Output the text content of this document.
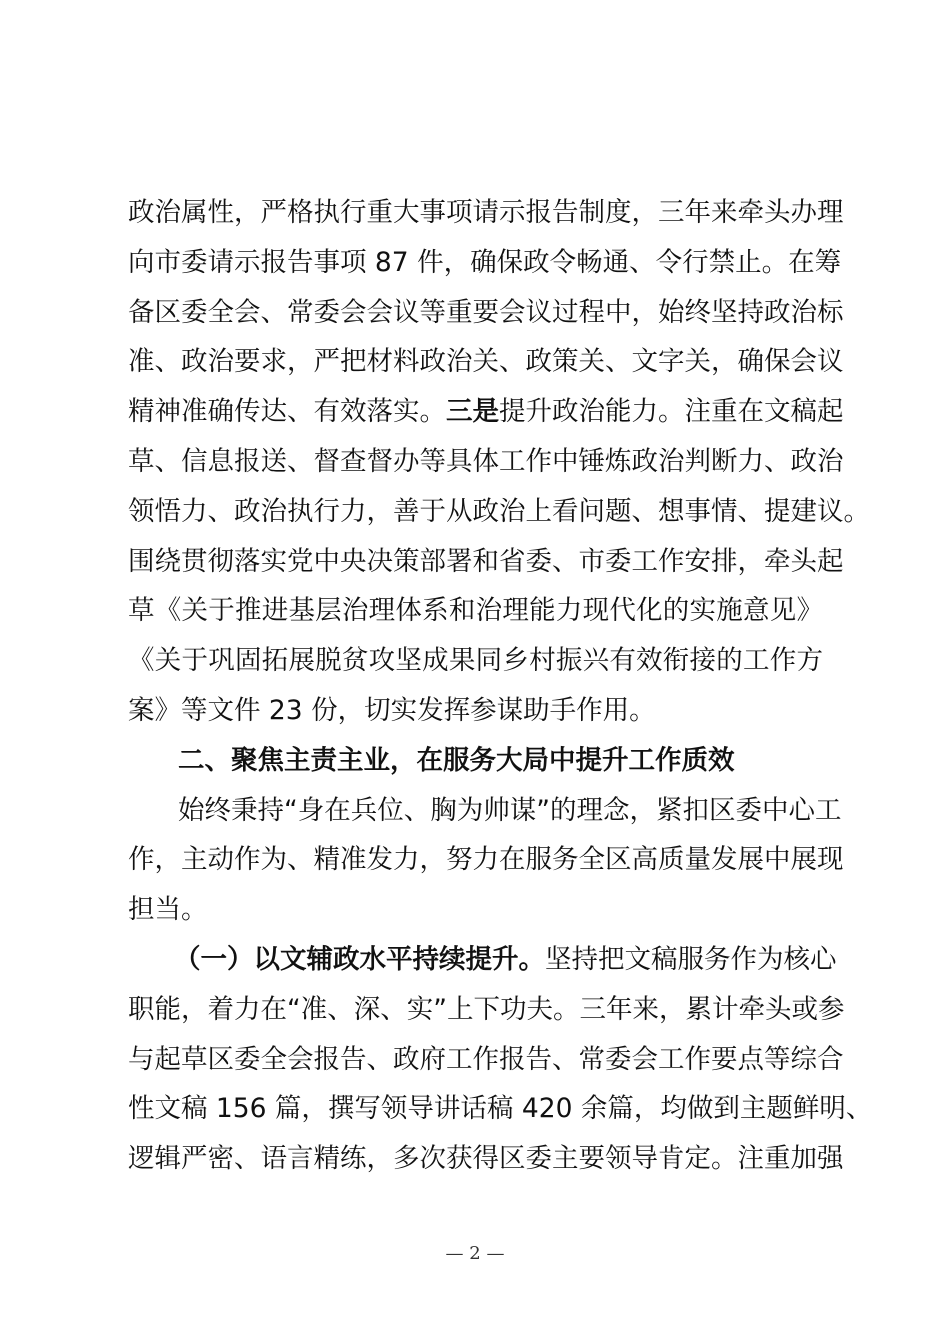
政治属性，严格执行重大事项请示报告制度，三年来牵头办理
向市委请示报告事项 87 件，确保政令畅通、令行禁止。在筹
备区委全会、常委会会议等重要会议过程中，始终坚持政治标
准、政治要求，严把材料政治关、政策关、文字关，确保会议
精神准确传达、有效落实。三是提升政治能力。注重在文稿起
草、信息报送、督查督办等具体工作中锤炼政治判断力、政治
领悟力、政治执行力，善于从政治上看问题、想事情、提建议。
围绕贯彻落实党中央决策部署和省委、市委工作安排，牵头起
草《关于推进基层治理体系和治理能力现代化的实施意见》
《关于巩固拓展脱贫攻坚成果同乡村振兴有效衔接的工作方
案》等文件 23 份，切实发挥参谋助手作用。
二、聚焦主责主业，在服务大局中提升工作质效
始终秉持“身在兵位、胸为帅谋”的理念，紧扣区委中心工
作，主动作为、精准发力，努力在服务全区高质量发展中展现
担当。
（一）以文辅政水平持续提升。坚持把文稿服务作为核心
职能，着力在“准、深、实”上下功夫。三年来，累计牵头或参
与起草区委全会报告、政府工作报告、常委会工作要点等综合
性文稿 156 篇，撰写领导讲话稿 420 余篇，均做到主题鲜明、
逻辑严密、语言精练，多次获得区委主要领导肯定。注重加强
— 2 —
